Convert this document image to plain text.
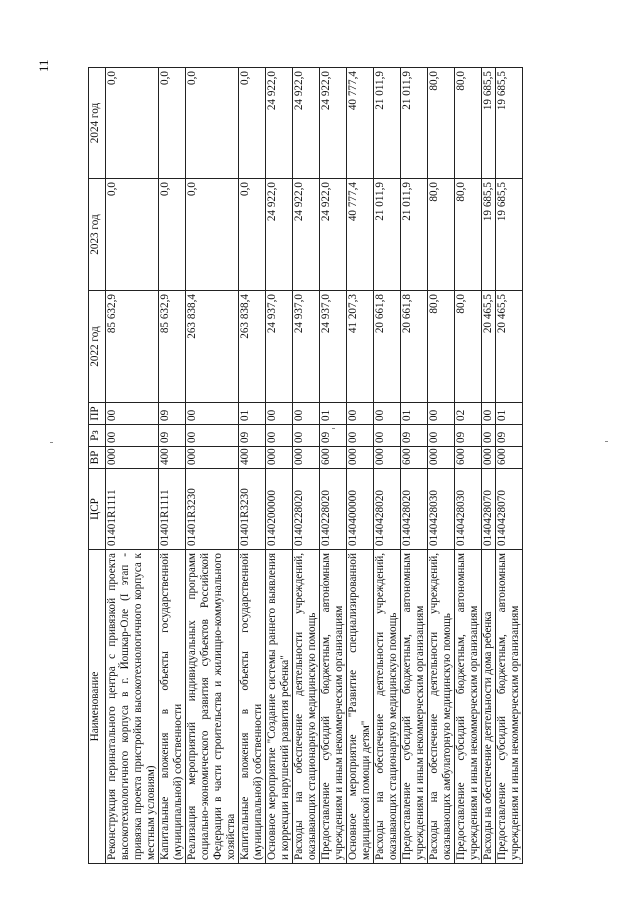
11
Наименование	ЦСР	ВР	Рз	ПР	2022 год	2023 год	2024 год
Реконструкция перинатального центра с привязкой проекта высокотехнологичного корпуса в г. Йошкар-Оле (I этап - привязка проекта пристройки высокотехнологичного корпуса к местным условиям)	01401R1111	000	00	00	85 632,9	0,0	0,0
Капитальные вложения в объекты государственной (муниципальной) собственности	01401R1111	400	09	09	85 632,9	0,0	0,0
Реализация мероприятий индивидуальных программ социально-экономического развития субъектов Российской Федерации в части строительства и жилищно-коммунального хозяйства	01401R3230	000	00	00	263 838,4	0,0	0,0
Капитальные вложения в объекты государственной (муниципальной) собственности	01401R3230	400	09	01	263 838,4	0,0	0,0
Основное мероприятие "Создание системы раннего выявления и коррекции нарушений развития ребенка"	0140200000	000	00	00	24 937,0	24 922,0	24 922,0
Расходы на обеспечение деятельности учреждений, оказывающих стационарную медицинскую помощь	0140228020	000	00	00	24 937,0	24 922,0	24 922,0
Предоставление субсидий бюджетным, автономным учреждениям и иным некоммерческим организациям	0140228020	600	09	01	24 937,0	24 922,0	24 922,0
Основное мероприятие "Развитие специализированной медицинской помощи детям"	0140400000	000	00	00	41 207,3	40 777,4	40 777,4
Расходы на обеспечение деятельности учреждений, оказывающих стационарную медицинскую помощь	0140428020	000	00	00	20 661,8	21 011,9	21 011,9
Предоставление субсидий бюджетным, автономным учреждениям и иным некоммерческим организациям	0140428020	600	09	01	20 661,8	21 011,9	21 011,9
Расходы на обеспечение деятельности учреждений, оказывающих амбулаторную медицинскую помощь	0140428030	000	00	00	80,0	80,0	80,0
Предоставление субсидий бюджетным, автономным учреждениям и иным некоммерческим организациям	0140428030	600	09	02	80,0	80,0	80,0
Расходы на обеспечение деятельности дома ребенка	0140428070	000	00	00	20 465,5	19 685,5	19 685,5
Предоставление субсидий бюджетным, автономным учреждениям и иным некоммерческим организациям	0140428070	600	09	01	20 465,5	19 685,5	19 685,5
